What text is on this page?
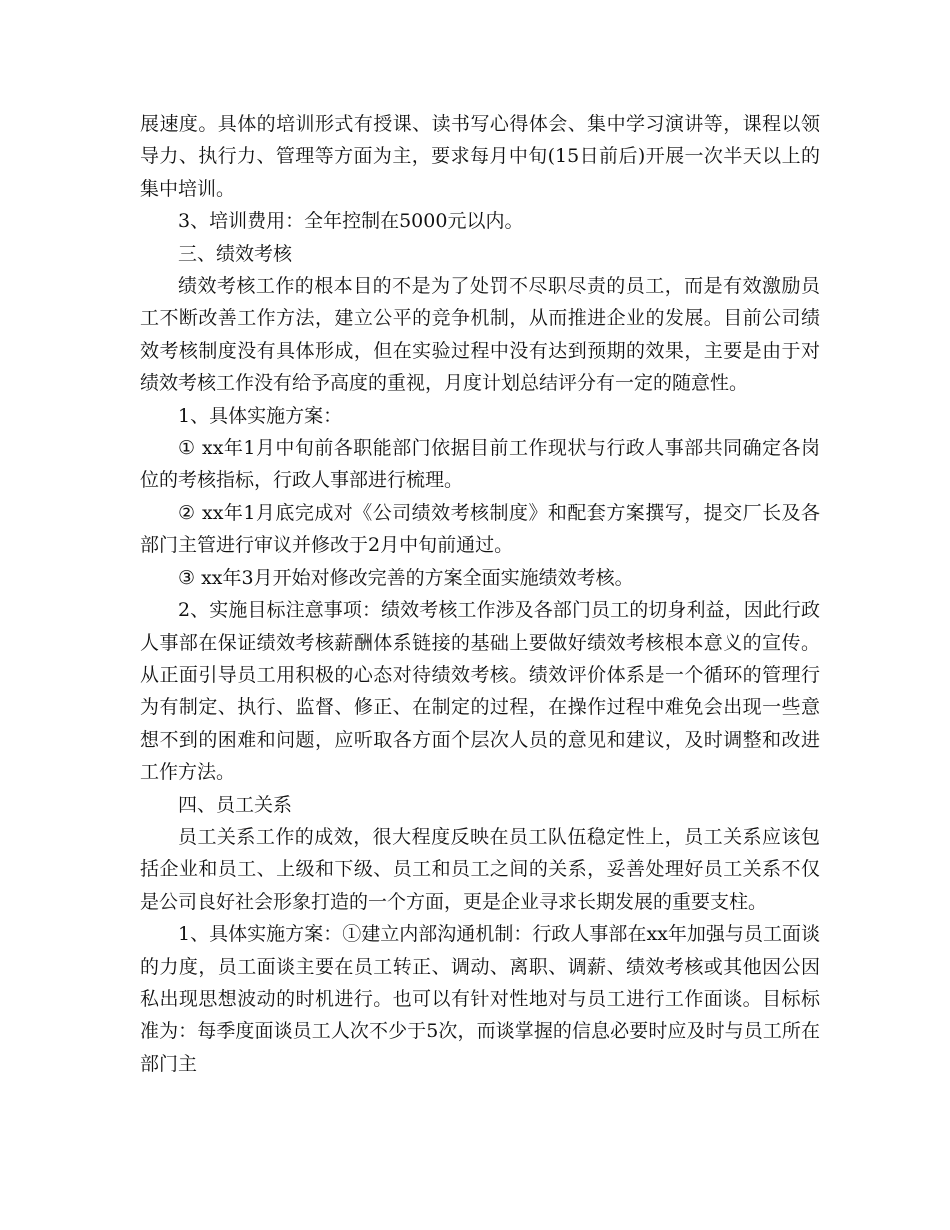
展速度。具体的培训形式有授课、读书写心得体会、集中学习演讲等，课程以领导力、执行力、管理等方面为主，要求每月中旬(15日前后)开展一次半天以上的集中培训。

3、培训费用：全年控制在5000元以内。

三、绩效考核

绩效考核工作的根本目的不是为了处罚不尽职尽责的员工，而是有效激励员工不断改善工作方法，建立公平的竞争机制，从而推进企业的发展。目前公司绩效考核制度没有具体形成，但在实验过程中没有达到预期的效果，主要是由于对绩效考核工作没有给予高度的重视，月度计划总结评分有一定的随意性。

1、具体实施方案：

① xx年1月中旬前各职能部门依据目前工作现状与行政人事部共同确定各岗位的考核指标，行政人事部进行梳理。

② xx年1月底完成对《公司绩效考核制度》和配套方案撰写，提交厂长及各部门主管进行审议并修改于2月中旬前通过。

③ xx年3月开始对修改完善的方案全面实施绩效考核。

2、实施目标注意事项：绩效考核工作涉及各部门员工的切身利益，因此行政人事部在保证绩效考核薪酬体系链接的基础上要做好绩效考核根本意义的宣传。从正面引导员工用积极的心态对待绩效考核。绩效评价体系是一个循环的管理行为有制定、执行、监督、修正、在制定的过程，在操作过程中难免会出现一些意想不到的困难和问题，应听取各方面个层次人员的意见和建议，及时调整和改进工作方法。

四、员工关系

员工关系工作的成效，很大程度反映在员工队伍稳定性上，员工关系应该包括企业和员工、上级和下级、员工和员工之间的关系，妥善处理好员工关系不仅是公司良好社会形象打造的一个方面，更是企业寻求长期发展的重要支柱。

1、具体实施方案：①建立内部沟通机制：行政人事部在xx年加强与员工面谈的力度，员工面谈主要在员工转正、调动、离职、调薪、绩效考核或其他因公因私出现思想波动的时机进行。也可以有针对性地对与员工进行工作面谈。目标标准为：每季度面谈员工人次不少于5次，而谈掌握的信息必要时应及时与员工所在部门主
